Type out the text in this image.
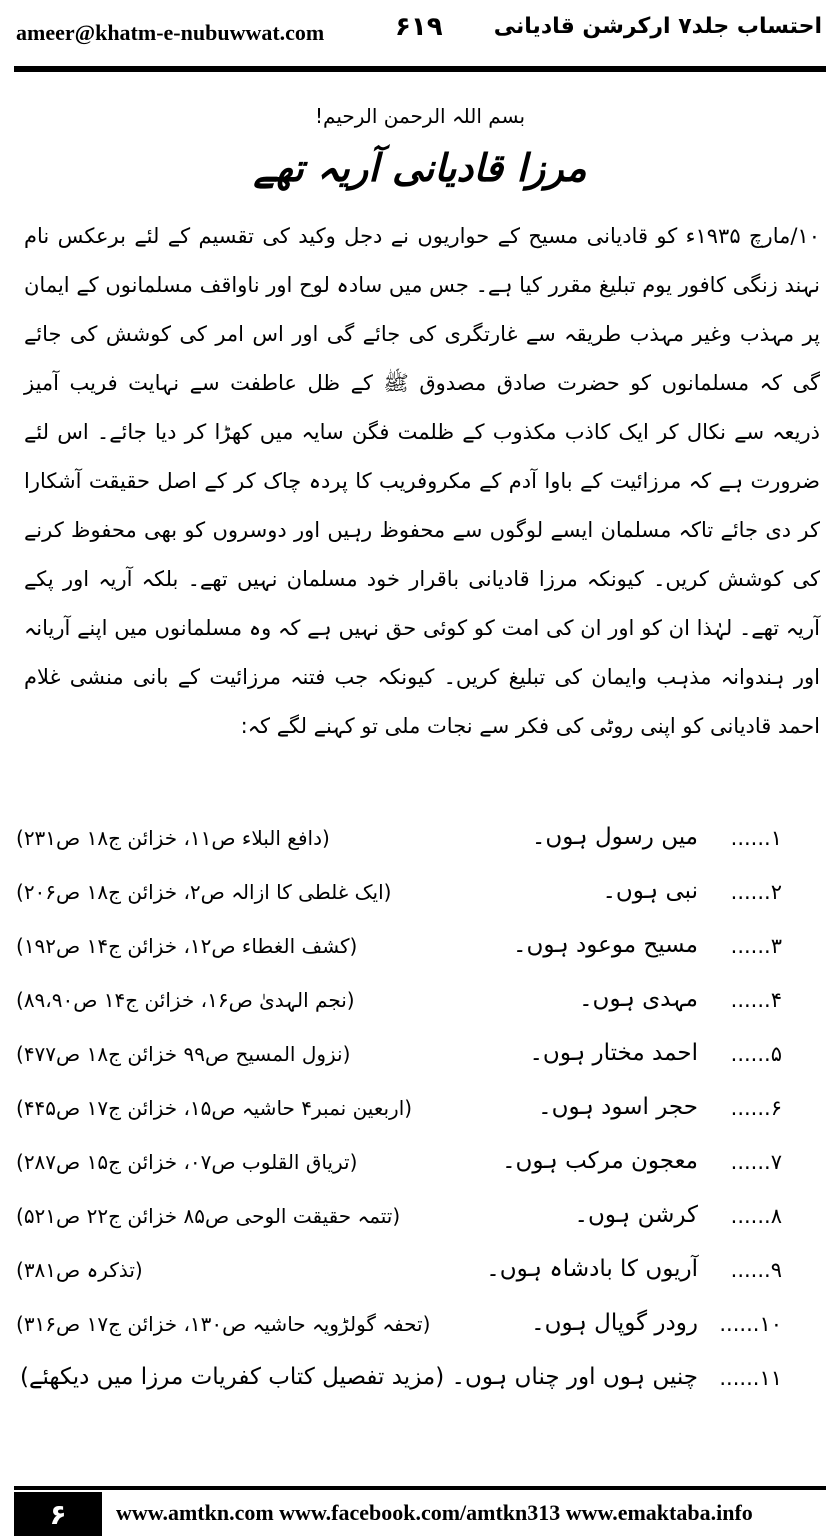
ameer@khatm-e-nubuwwat.com	۶۱۹ احتساب جلد۷ ارکرشن قادیانی
بسم اللہ الرحمن الرحیم!
مرزا قادیانی آریہ تھے
۱۰/مارچ ۱۹۳۵ء کو قادیانی مسیح کے حواریوں نے دجل وکید کی تقسیم کے لئے برعکس نام نہند زنگی کافور یوم تبلیغ مقرر کیا ہے۔ جس میں سادہ لوح اور ناواقف مسلمانوں کے ایمان پر مہذب وغیر مہذب طریقہ سے غارتگری کی جائے گی اور اس امر کی کوشش کی جائے گی کہ مسلمانوں کو حضرت صادق مصدوق ﷺ کے ظل عاطفت سے نہایت فریب آمیز ذریعہ سے نکال کر ایک کاذب مکذوب کے ظلمت فگن سایہ میں کھڑا کر دیا جائے۔ اس لئے ضرورت ہے کہ مرزائیت کے باوا آدم کے مکروفریب کا پردہ چاک کر کے اصل حقیقت آشکارا کر دی جائے تاکہ مسلمان ایسے لوگوں سے محفوظ رہیں اور دوسروں کو بھی محفوظ کرنے کی کوشش کریں۔ کیونکہ مرزا قادیانی باقرار خود مسلمان نہیں تھے۔ بلکہ آریہ اور پکے آریہ تھے۔ لہٰذا ان کو اور ان کی امت کو کوئی حق نہیں ہے کہ وہ مسلمانوں میں اپنے آریانہ اور ہندوانہ مذہب وایمان کی تبلیغ کریں۔ کیونکہ جب فتنہ مرزائیت کے بانی منشی غلام احمد قادیانی کو اپنی روٹی کی فکر سے نجات ملی تو کہنے لگے کہ:
۱......
میں رسول ہوں۔
(دافع البلاء ص۱۱، خزائن ج۱۸ ص۲۳۱)
۲......
نبی ہوں۔
(ایک غلطی کا ازالہ ص۲، خزائن ج۱۸ ص۲۰۶)
۳......
مسیح موعود ہوں۔
(کشف الغطاء ص۱۲، خزائن ج۱۴ ص۱۹۲)
۴......
مہدی ہوں۔
(نجم الہدیٰ ص۱۶، خزائن ج۱۴ ص۸۹،۹۰)
۵......
احمد مختار ہوں۔
(نزول المسیح ص۹۹ خزائن ج۱۸ ص۴۷۷)
۶......
حجر اسود ہوں۔
(اربعین نمبر۴ حاشیہ ص۱۵، خزائن ج۱۷ ص۴۴۵)
۷......
معجون مرکب ہوں۔
(تریاق القلوب ص۰۷، خزائن ج۱۵ ص۲۸۷)
۸......
کرشن ہوں۔
(تتمہ حقیقت الوحی ص۸۵ خزائن ج۲۲ ص۵۲۱)
۹......
آریوں کا بادشاہ ہوں۔
(تذکرہ ص۳۸۱)
۱۰......
رودر گوپال ہوں۔
(تحفہ گولڑویہ حاشیہ ص۱۳۰، خزائن ج۱۷ ص۳۱۶)
۱۱......
چنیں ہوں اور چناں ہوں۔ (مزید تفصیل کتاب کفریات مرزا میں دیکھئے)
۶	www.amtkn.com www.facebook.com/amtkn313 www.emaktaba.info
